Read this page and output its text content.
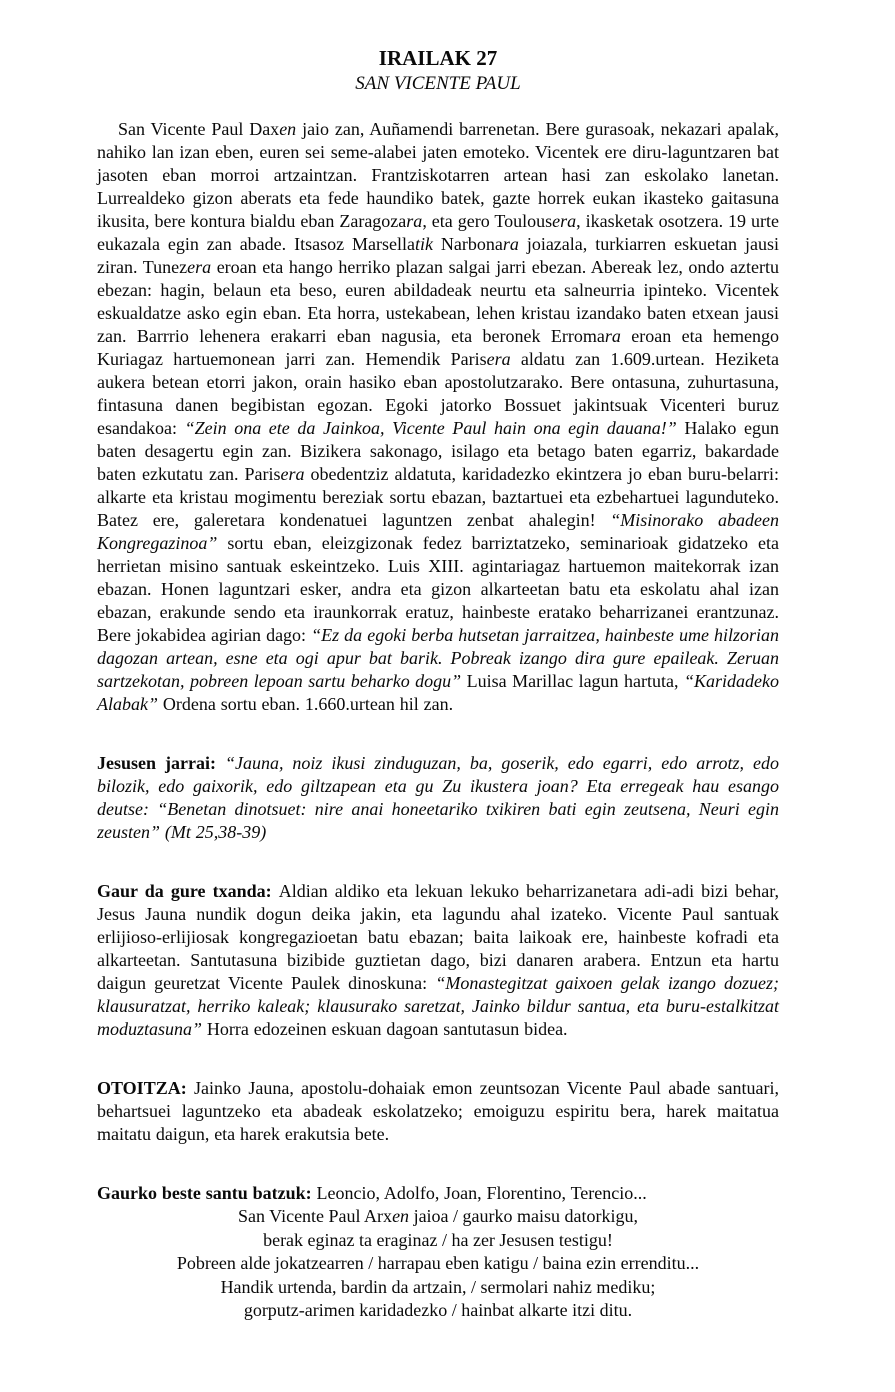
IRAILAK 27
SAN VICENTE PAUL

San Vicente Paul Daxen jaio zan, Auñamendi barrenetan. Bere gurasoak, nekazari apalak, nahiko lan izan eben, euren sei seme-alabei jaten emoteko. Vicentek ere diru-laguntzaren bat jasoten eban morroi artzaintzan. Frantziskotarren artean hasi zan eskolako lanetan. Lurrealdeko gizon aberats eta fede haundiko batek, gazte horrek eukan ikasteko gaitasuna ikusita, bere kontura bialdu eban Zaragozara, eta gero Toulousera, ikasketak osotzera. 19 urte eukazala egin zan abade. Itsasoz Marsellatik Narbonara joiazala, turkiarren eskuetan jausi ziran. Tunezera eroan eta hango herriko plazan salgai jarri ebezan. Abereak lez, ondo aztertu ebezan: hagin, belaun eta beso, euren abildadeak neurtu eta salneurria ipinteko. Vicentek eskualdatze asko egin eban. Eta horra, ustekabean, lehen kristau izandako baten etxean jausi zan. Barrrio lehenera erakarri eban nagusia, eta beronek Erromara eroan eta hemengo Kuriagaz hartuemonean jarri zan. Hemendik Parisera aldatu zan 1.609.urtean. Heziketa aukera betean etorri jakon, orain hasiko eban apostolutzarako. Bere ontasuna, zuhurtasuna, fintasuna danen begibistan egozan. Egoki jatorko Bossuet jakintsuak Vicenteri buruz esandakoa: “Zein ona ete da Jainkoa, Vicente Paul hain ona egin dauana!” Halako egun baten desagertu egin zan. Bizikera sakonago, isilago eta betago baten egarriz, bakardade baten ezkutatu zan. Parisera obedentziz aldatuta, karidadezko ekintzera jo eban buru-belarri: alkarte eta kristau mogimentu bereziak sortu ebazan, baztartuei eta ezbehartuei lagunduteko. Batez ere, galeretara kondenatuei laguntzen zenbat ahalegin! “Misinorako abadeen Kongregazinoa” sortu eban, eleizgizonak fedez barriztatzeko, seminarioak gidatzeko eta herrietan misino santuak eskeintzeko. Luis XIII. agintariagaz hartuemon maitekorrak izan ebazan. Honen laguntzari esker, andra eta gizon alkarteetan batu eta eskolatu ahal izan ebazan, erakunde sendo eta iraunkorrak eratuz, hainbeste eratako beharrizanei erantzunaz. Bere jokabidea agirian dago: “Ez da egoki berba hutsetan jarraitzea, hainbeste ume hilzorian dagozan artean, esne eta ogi apur bat barik. Pobreak izango dira gure epaileak. Zeruan sartzekotan, pobreen lepoan sartu beharko dogu” Luisa Marillac lagun hartuta, “Karidadeko Alabak” Ordena sortu eban. 1.660.urtean hil zan.

Jesusen jarrai: “Jauna, noiz ikusi zinduguzan, ba, goserik, edo egarri, edo arrotz, edo bilozik, edo gaixorik, edo giltzapean eta gu Zu ikustera joan? Eta erregeak hau esango deutse: “Benetan dinotsuet: nire anai honeetariko txikiren bati egin zeutsena, Neuri egin zeusten” (Mt 25,38-39)

Gaur da gure txanda: Aldian aldiko eta lekuan lekuko beharrizanetara adi-adi bizi behar, Jesus Jauna nundik dogun deika jakin, eta lagundu ahal izateko. Vicente Paul santuak erlijioso-erlijiosak kongregazioetan batu ebazan; baita laikoak ere, hainbeste kofradi eta alkarteetan. Santutasuna bizibide guztietan dago, bizi danaren arabera. Entzun eta hartu daigun geuretzat Vicente Paulek dinoskuna: “Monastegitzat gaixoen gelak izango dozuez; klausuratzat, herriko kaleak; klausurako saretzat, Jainko bildur santua, eta buru-estalkitzat moduztasuna” Horra edozeinen eskuan dagoan santutasun bidea.

OTOITZA: Jainko Jauna, apostolu-dohaiak emon zeuntsozan Vicente Paul abade santuari, behartsuei laguntzeko eta abadeak eskolatzeko; emoiguzu espiritu bera, harek maitatua maitatu daigun, eta harek erakutsia bete.

Gaurko beste santu batzuk: Leoncio, Adolfo, Joan, Florentino, Terencio...

San Vicente Paul Arxen jaioa / gaurko maisu datorkigu,

berak eginaz ta eraginaz / ha zer Jesusen testigu!

Pobreen alde jokatzearren / harrapau eben katigu / baina ezin errenditu...

Handik urtenda, bardin da artzain, / sermolari nahiz mediku;

gorputz-arimen karidadezko / hainbat alkarte itzi ditu.
